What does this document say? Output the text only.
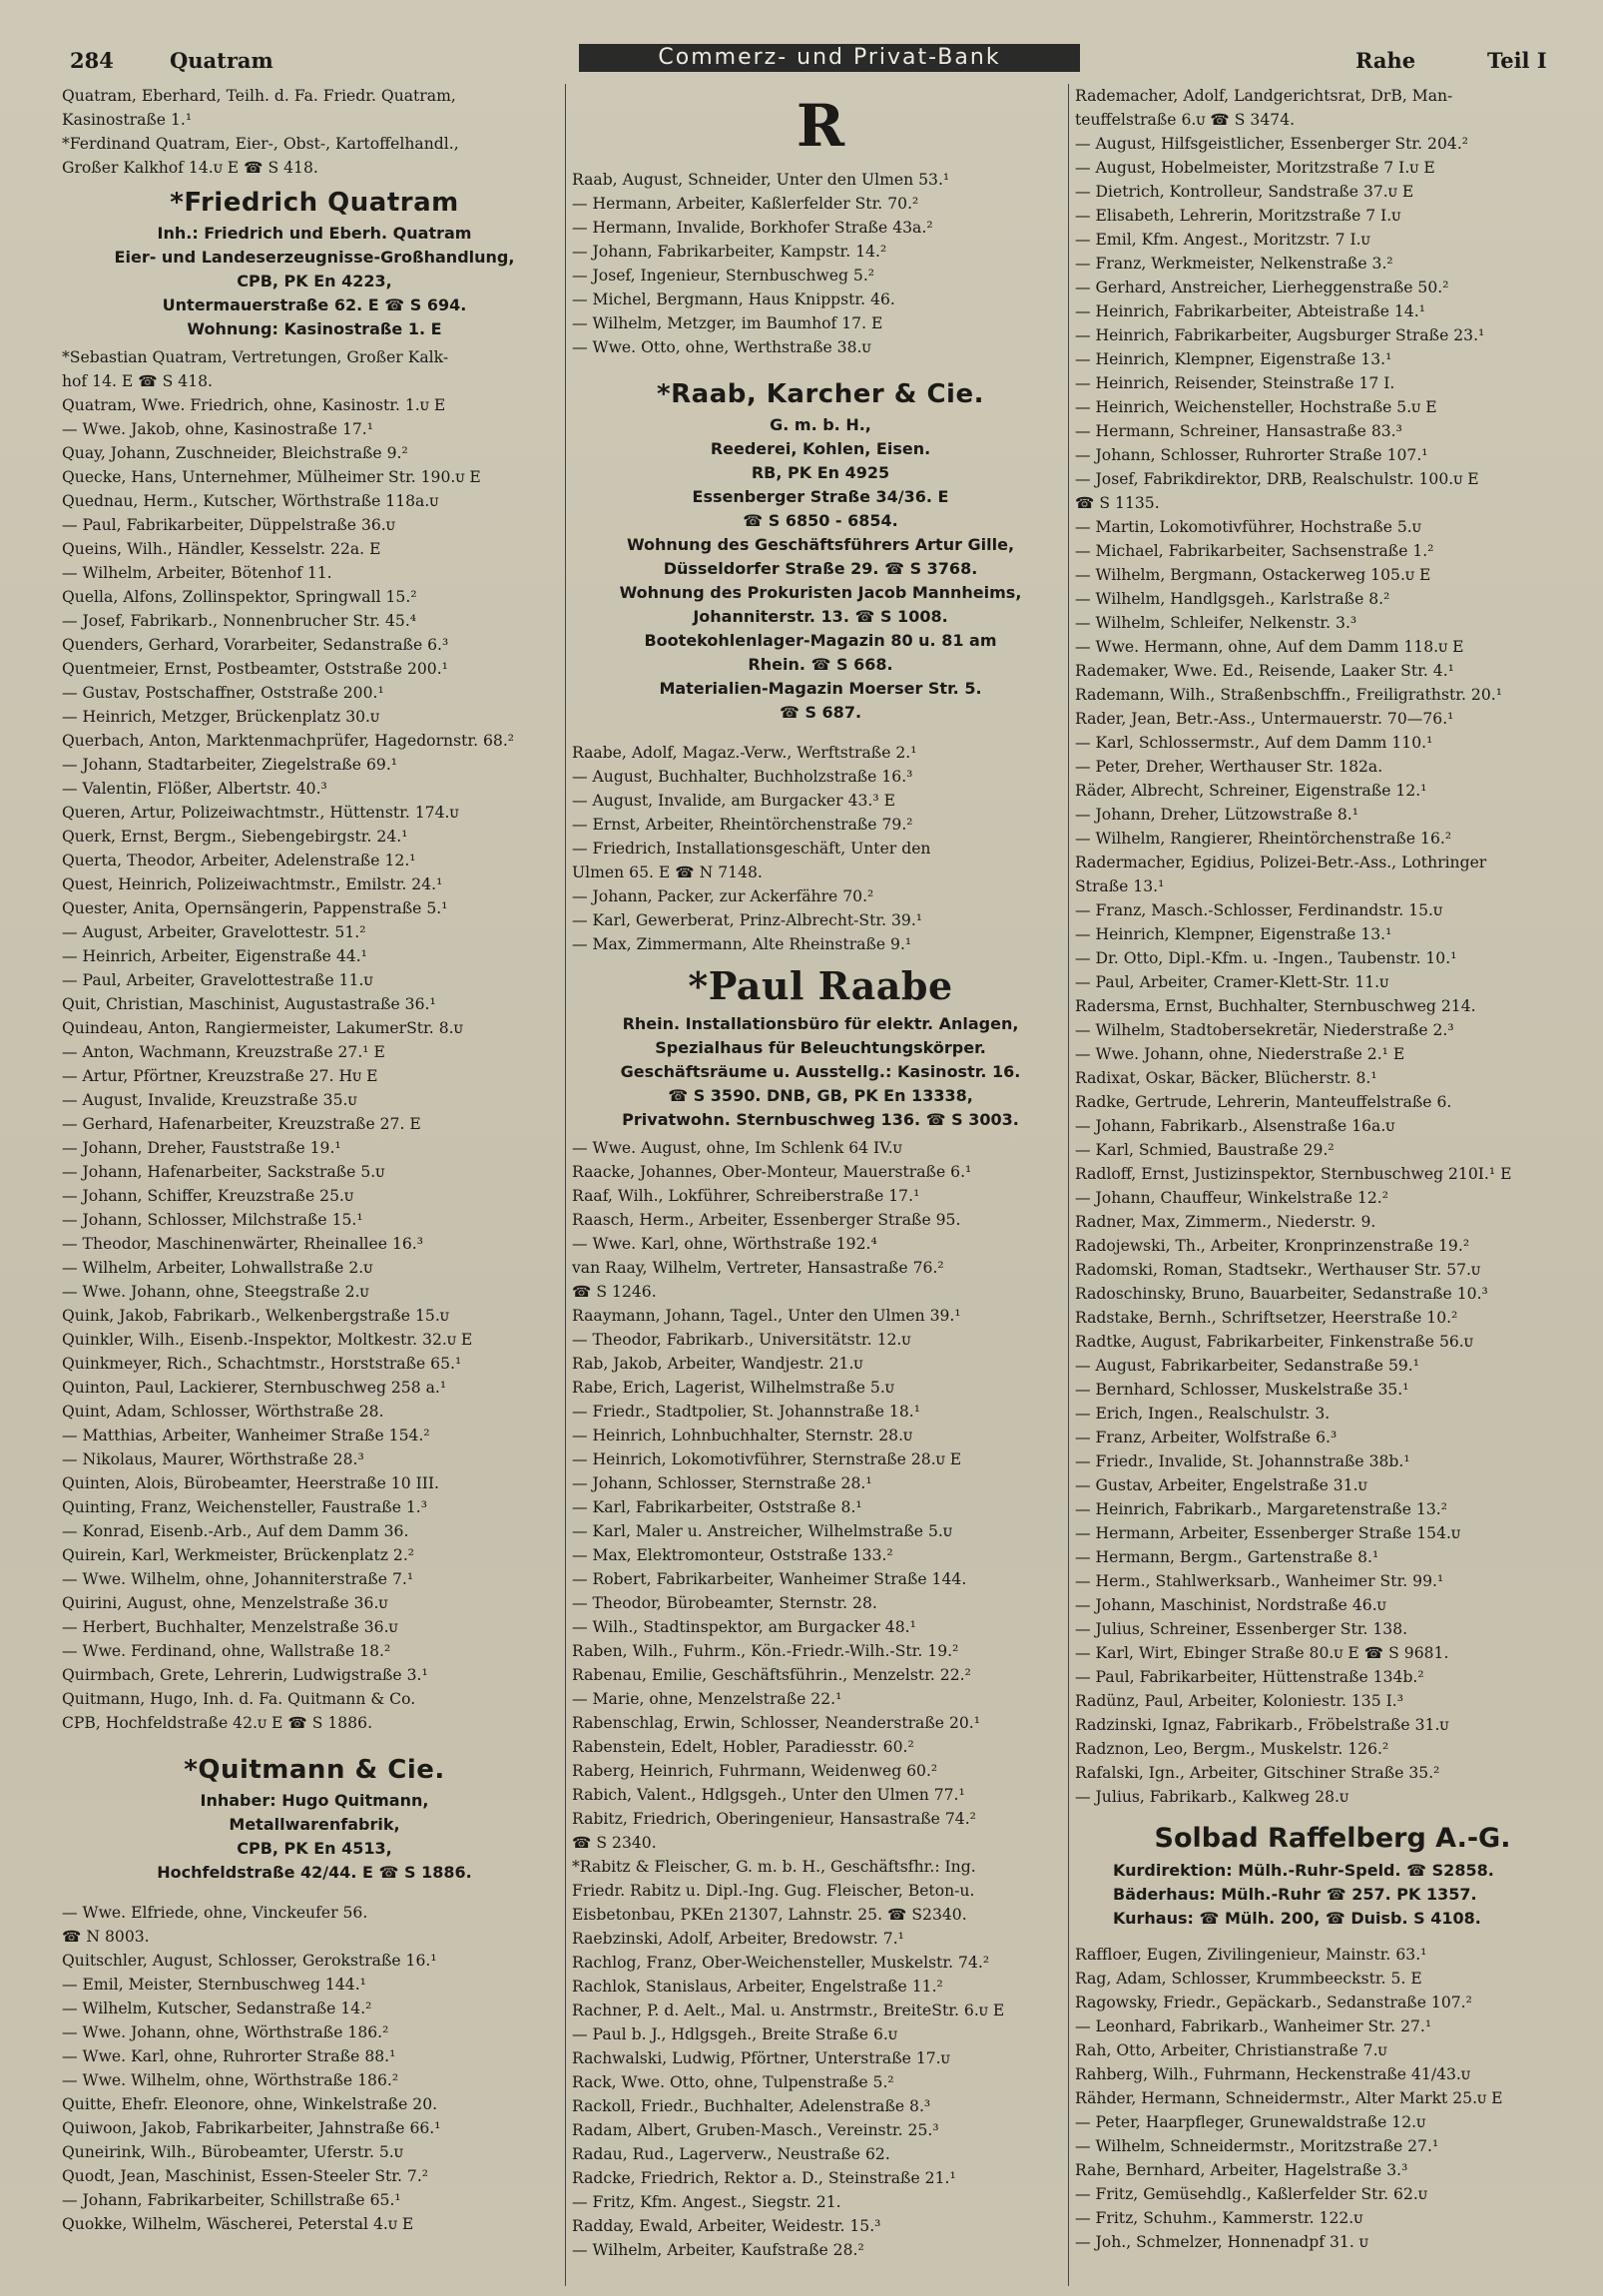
284	Quatram	Commerz- und Privat-Bank	Rahe	Teil I
Quatram, Eberhard, Teilh. d. Fa. Friedr. Quatram,
Kasinostraße 1.¹
*Ferdinand Quatram, Eier-, Obst-, Kartoffelhandl.,
Großer Kalkhof 14.ᴜ E ☎ S 418.
*Friedrich Quatram
Inh.: Friedrich und Eberh. Quatram
Eier- und Landeserzeugnisse-Großhandlung,
CPB, PK En 4223,
Untermauerstraße 62. E ☎ S 694.
Wohnung: Kasinostraße 1. E
*Sebastian Quatram, Vertretungen, Großer Kalk-
hof 14. E ☎ S 418.
Quatram, Wwe. Friedrich, ohne, Kasinostr. 1.ᴜ E
— Wwe. Jakob, ohne, Kasinostraße 17.¹
Quay, Johann, Zuschneider, Bleichstraße 9.²
Quecke, Hans, Unternehmer, Mülheimer Str. 190.ᴜ E
Quednau, Herm., Kutscher, Wörthstraße 118a.ᴜ
— Paul, Fabrikarbeiter, Düppelstraße 36.ᴜ
Queins, Wilh., Händler, Kesselstr. 22a. E
— Wilhelm, Arbeiter, Bötenhof 11.
Quella, Alfons, Zollinspektor, Springwall 15.²
— Josef, Fabrikarb., Nonnenbrucher Str. 45.⁴
Quenders, Gerhard, Vorarbeiter, Sedanstraße 6.³
Quentmeier, Ernst, Postbeamter, Oststraße 200.¹
— Gustav, Postschaffner, Oststraße 200.¹
— Heinrich, Metzger, Brückenplatz 30.ᴜ
Querbach, Anton, Marktenmachprüfer, Hagedornstr. 68.²
— Johann, Stadtarbeiter, Ziegelstraße 69.¹
— Valentin, Flößer, Albertstr. 40.³
Queren, Artur, Polizeiwachtmstr., Hüttenstr. 174.ᴜ
Querk, Ernst, Bergm., Siebengebirgstr. 24.¹
Querta, Theodor, Arbeiter, Adelenstraße 12.¹
Quest, Heinrich, Polizeiwachtmstr., Emilstr. 24.¹
Quester, Anita, Opernsängerin, Pappenstraße 5.¹
— August, Arbeiter, Gravelottestr. 51.²
— Heinrich, Arbeiter, Eigenstraße 44.¹
— Paul, Arbeiter, Gravelottestraße 11.ᴜ
Quit, Christian, Maschinist, Augustastraße 36.¹
Quindeau, Anton, Rangiermeister, LakumerStr. 8.ᴜ
— Anton, Wachmann, Kreuzstraße 27.¹ E
— Artur, Pförtner, Kreuzstraße 27. Hᴜ E
— August, Invalide, Kreuzstraße 35.ᴜ
— Gerhard, Hafenarbeiter, Kreuzstraße 27. E
— Johann, Dreher, Fauststraße 19.¹
— Johann, Hafenarbeiter, Sackstraße 5.ᴜ
— Johann, Schiffer, Kreuzstraße 25.ᴜ
— Johann, Schlosser, Milchstraße 15.¹
— Theodor, Maschinenwärter, Rheinallee 16.³
— Wilhelm, Arbeiter, Lohwallstraße 2.ᴜ
— Wwe. Johann, ohne, Steegstraße 2.ᴜ
Quink, Jakob, Fabrikarb., Welkenbergstraße 15.ᴜ
Quinkler, Wilh., Eisenb.-Inspektor, Moltkestr. 32.ᴜ E
Quinkmeyer, Rich., Schachtmstr., Horststraße 65.¹
Quinton, Paul, Lackierer, Sternbuschweg 258 a.¹
Quint, Adam, Schlosser, Wörthstraße 28.
— Matthias, Arbeiter, Wanheimer Straße 154.²
— Nikolaus, Maurer, Wörthstraße 28.³
Quinten, Alois, Bürobeamter, Heerstraße 10 III.
Quinting, Franz, Weichensteller, Faustraße 1.³
— Konrad, Eisenb.-Arb., Auf dem Damm 36.
Quirein, Karl, Werkmeister, Brückenplatz 2.²
— Wwe. Wilhelm, ohne, Johanniterstraße 7.¹
Quirini, August, ohne, Menzelstraße 36.ᴜ
— Herbert, Buchhalter, Menzelstraße 36.ᴜ
— Wwe. Ferdinand, ohne, Wallstraße 18.²
Quirmbach, Grete, Lehrerin, Ludwigstraße 3.¹
Quitmann, Hugo, Inh. d. Fa. Quitmann & Co.
CPB, Hochfeldstraße 42.ᴜ E ☎ S 1886.
*Quitmann & Cie.
Inhaber: Hugo Quitmann,
Metallwarenfabrik,
CPB, PK En 4513,
Hochfeldstraße 42/44. E ☎ S 1886.
— Wwe. Elfriede, ohne, Vinckeufer 56.
☎ N 8003.
Quitschler, August, Schlosser, Gerokstraße 16.¹
— Emil, Meister, Sternbuschweg 144.¹
— Wilhelm, Kutscher, Sedanstraße 14.²
— Wwe. Johann, ohne, Wörthstraße 186.²
— Wwe. Karl, ohne, Ruhrorter Straße 88.¹
— Wwe. Wilhelm, ohne, Wörthstraße 186.²
Quitte, Ehefr. Eleonore, ohne, Winkelstraße 20.
Quiwoon, Jakob, Fabrikarbeiter, Jahnstraße 66.¹
Quneirink, Wilh., Bürobeamter, Uferstr. 5.ᴜ
Quodt, Jean, Maschinist, Essen-Steeler Str. 7.²
— Johann, Fabrikarbeiter, Schillstraße 65.¹
Quokke, Wilhelm, Wäscherei, Peterstal 4.ᴜ E
R
Raab, August, Schneider, Unter den Ulmen 53.¹
— Hermann, Arbeiter, Kaßlerfelder Str. 70.²
— Hermann, Invalide, Borkhofer Straße 43a.²
— Johann, Fabrikarbeiter, Kampstr. 14.²
— Josef, Ingenieur, Sternbuschweg 5.²
— Michel, Bergmann, Haus Knippstr. 46.
— Wilhelm, Metzger, im Baumhof 17. E
— Wwe. Otto, ohne, Werthstraße 38.ᴜ
*Raab, Karcher & Cie.
G. m. b. H.,
Reederei, Kohlen, Eisen.
RB, PK En 4925
Essenberger Straße 34/36. E
☎ S 6850 - 6854.
Wohnung des Geschäftsführers Artur Gille,
Düsseldorfer Straße 29. ☎ S 3768.
Wohnung des Prokuristen Jacob Mannheims,
Johanniterstr. 13. ☎ S 1008.
Bootekohlenlager-Magazin 80 u. 81 am
Rhein. ☎ S 668.
Materialien-Magazin Moerser Str. 5.
☎ S 687.
Raabe, Adolf, Magaz.-Verw., Werftstraße 2.¹
— August, Buchhalter, Buchholzstraße 16.³
— August, Invalide, am Burgacker 43.³ E
— Ernst, Arbeiter, Rheintörchenstraße 79.²
— Friedrich, Installationsgeschäft, Unter den
Ulmen 65. E ☎ N 7148.
— Johann, Packer, zur Ackerfähre 70.²
— Karl, Gewerberat, Prinz-Albrecht-Str. 39.¹
— Max, Zimmermann, Alte Rheinstraße 9.¹
*Paul Raabe
Rhein. Installationsbüro für elektr. Anlagen,
Spezialhaus für Beleuchtungskörper.
Geschäftsräume u. Ausstellg.: Kasinostr. 16.
☎ S 3590. DNB, GB, PK En 13338,
Privatwohn. Sternbuschweg 136. ☎ S 3003.
— Wwe. August, ohne, Im Schlenk 64 IV.ᴜ
Raacke, Johannes, Ober-Monteur, Mauerstraße 6.¹
Raaf, Wilh., Lokführer, Schreiberstraße 17.¹
Raasch, Herm., Arbeiter, Essenberger Straße 95.
— Wwe. Karl, ohne, Wörthstraße 192.⁴
van Raay, Wilhelm, Vertreter, Hansastraße 76.²
☎ S 1246.
Raaymann, Johann, Tagel., Unter den Ulmen 39.¹
— Theodor, Fabrikarb., Universitätstr. 12.ᴜ
Rab, Jakob, Arbeiter, Wandjestr. 21.ᴜ
Rabe, Erich, Lagerist, Wilhelmstraße 5.ᴜ
— Friedr., Stadtpolier, St. Johannstraße 18.¹
— Heinrich, Lohnbuchhalter, Sternstr. 28.ᴜ
— Heinrich, Lokomotivführer, Sternstraße 28.ᴜ E
— Johann, Schlosser, Sternstraße 28.¹
— Karl, Fabrikarbeiter, Oststraße 8.¹
— Karl, Maler u. Anstreicher, Wilhelmstraße 5.ᴜ
— Max, Elektromonteur, Oststraße 133.²
— Robert, Fabrikarbeiter, Wanheimer Straße 144.
— Theodor, Bürobeamter, Sternstr. 28.
— Wilh., Stadtinspektor, am Burgacker 48.¹
Raben, Wilh., Fuhrm., Kön.-Friedr.-Wilh.-Str. 19.²
Rabenau, Emilie, Geschäftsführin., Menzelstr. 22.²
— Marie, ohne, Menzelstraße 22.¹
Rabenschlag, Erwin, Schlosser, Neanderstraße 20.¹
Rabenstein, Edelt, Hobler, Paradiesstr. 60.²
Raberg, Heinrich, Fuhrmann, Weidenweg 60.²
Rabich, Valent., Hdlgsgeh., Unter den Ulmen 77.¹
Rabitz, Friedrich, Oberingenieur, Hansastraße 74.²
☎ S 2340.
*Rabitz & Fleischer, G. m. b. H., Geschäftsfhr.: Ing.
Friedr. Rabitz u. Dipl.-Ing. Gug. Fleischer, Beton-u.
Eisbetonbau, PKEn 21307, Lahnstr. 25. ☎ S2340.
Raebzinski, Adolf, Arbeiter, Bredowstr. 7.¹
Rachlog, Franz, Ober-Weichensteller, Muskelstr. 74.²
Rachlok, Stanislaus, Arbeiter, Engelstraße 11.²
Rachner, P. d. Aelt., Mal. u. Anstrmstr., BreiteStr. 6.ᴜ E
— Paul b. J., Hdlgsgeh., Breite Straße 6.ᴜ
Rachwalski, Ludwig, Pförtner, Unterstraße 17.ᴜ
Rack, Wwe. Otto, ohne, Tulpenstraße 5.²
Rackoll, Friedr., Buchhalter, Adelenstraße 8.³
Radam, Albert, Gruben-Masch., Vereinstr. 25.³
Radau, Rud., Lagerverw., Neustraße 62.
Radcke, Friedrich, Rektor a. D., Steinstraße 21.¹
— Fritz, Kfm. Angest., Siegstr. 21.
Radday, Ewald, Arbeiter, Weidestr. 15.³
— Wilhelm, Arbeiter, Kaufstraße 28.²
Rademacher, Adolf, Landgerichtsrat, DrB, Man-
teuffelstraße 6.ᴜ ☎ S 3474.
— August, Hilfsgeistlicher, Essenberger Str. 204.²
— August, Hobelmeister, Moritzstraße 7 I.ᴜ E
— Dietrich, Kontrolleur, Sandstraße 37.ᴜ E
— Elisabeth, Lehrerin, Moritzstraße 7 I.ᴜ
— Emil, Kfm. Angest., Moritzstr. 7 I.ᴜ
— Franz, Werkmeister, Nelkenstraße 3.²
— Gerhard, Anstreicher, Lierheggenstraße 50.²
— Heinrich, Fabrikarbeiter, Abteistraße 14.¹
— Heinrich, Fabrikarbeiter, Augsburger Straße 23.¹
— Heinrich, Klempner, Eigenstraße 13.¹
— Heinrich, Reisender, Steinstraße 17 I.
— Heinrich, Weichensteller, Hochstraße 5.ᴜ E
— Hermann, Schreiner, Hansastraße 83.³
— Johann, Schlosser, Ruhrorter Straße 107.¹
— Josef, Fabrikdirektor, DRB, Realschulstr. 100.ᴜ E
☎ S 1135.
— Martin, Lokomotivführer, Hochstraße 5.ᴜ
— Michael, Fabrikarbeiter, Sachsenstraße 1.²
— Wilhelm, Bergmann, Ostackerweg 105.ᴜ E
— Wilhelm, Handlgsgeh., Karlstraße 8.²
— Wilhelm, Schleifer, Nelkenstr. 3.³
— Wwe. Hermann, ohne, Auf dem Damm 118.ᴜ E
Rademaker, Wwe. Ed., Reisende, Laaker Str. 4.¹
Rademann, Wilh., Straßenbschffn., Freiligrathstr. 20.¹
Rader, Jean, Betr.-Ass., Untermauerstr. 70—76.¹
— Karl, Schlossermstr., Auf dem Damm 110.¹
— Peter, Dreher, Werthauser Str. 182a.
Räder, Albrecht, Schreiner, Eigenstraße 12.¹
— Johann, Dreher, Lützowstraße 8.¹
— Wilhelm, Rangierer, Rheintörchenstraße 16.²
Radermacher, Egidius, Polizei-Betr.-Ass., Lothringer
Straße 13.¹
— Franz, Masch.-Schlosser, Ferdinandstr. 15.ᴜ
— Heinrich, Klempner, Eigenstraße 13.¹
— Dr. Otto, Dipl.-Kfm. u. -Ingen., Taubenstr. 10.¹
— Paul, Arbeiter, Cramer-Klett-Str. 11.ᴜ
Radersma, Ernst, Buchhalter, Sternbuschweg 214.
— Wilhelm, Stadtobersekretär, Niederstraße 2.³
— Wwe. Johann, ohne, Niederstraße 2.¹ E
Radixat, Oskar, Bäcker, Blücherstr. 8.¹
Radke, Gertrude, Lehrerin, Manteuffelstraße 6.
— Johann, Fabrikarb., Alsenstraße 16a.ᴜ
— Karl, Schmied, Baustraße 29.²
Radloff, Ernst, Justizinspektor, Sternbuschweg 210I.¹ E
— Johann, Chauffeur, Winkelstraße 12.²
Radner, Max, Zimmerm., Niederstr. 9.
Radojewski, Th., Arbeiter, Kronprinzenstraße 19.²
Radomski, Roman, Stadtsekr., Werthauser Str. 57.ᴜ
Radoschinsky, Bruno, Bauarbeiter, Sedanstraße 10.³
Radstake, Bernh., Schriftsetzer, Heerstraße 10.²
Radtke, August, Fabrikarbeiter, Finkenstraße 56.ᴜ
— August, Fabrikarbeiter, Sedanstraße 59.¹
— Bernhard, Schlosser, Muskelstraße 35.¹
— Erich, Ingen., Realschulstr. 3.
— Franz, Arbeiter, Wolfstraße 6.³
— Friedr., Invalide, St. Johannstraße 38b.¹
— Gustav, Arbeiter, Engelstraße 31.ᴜ
— Heinrich, Fabrikarb., Margaretenstraße 13.²
— Hermann, Arbeiter, Essenberger Straße 154.ᴜ
— Hermann, Bergm., Gartenstraße 8.¹
— Herm., Stahlwerksarb., Wanheimer Str. 99.¹
— Johann, Maschinist, Nordstraße 46.ᴜ
— Julius, Schreiner, Essenberger Str. 138.
— Karl, Wirt, Ebinger Straße 80.ᴜ E ☎ S 9681.
— Paul, Fabrikarbeiter, Hüttenstraße 134b.²
Radünz, Paul, Arbeiter, Koloniestr. 135 I.³
Radzinski, Ignaz, Fabrikarb., Fröbelstraße 31.ᴜ
Radznon, Leo, Bergm., Muskelstr. 126.²
Rafalski, Ign., Arbeiter, Gitschiner Straße 35.²
— Julius, Fabrikarb., Kalkweg 28.ᴜ
Solbad Raffelberg A.-G.
Kurdirektion: Mülh.-Ruhr-Speld. ☎ S2858.
Bäderhaus: Mülh.-Ruhr ☎ 257. PK 1357.
Kurhaus: ☎ Mülh. 200, ☎ Duisb. S 4108.
Raffloer, Eugen, Zivilingenieur, Mainstr. 63.¹
Rag, Adam, Schlosser, Krummbeeckstr. 5. E
Ragowsky, Friedr., Gepäckarb., Sedanstraße 107.²
— Leonhard, Fabrikarb., Wanheimer Str. 27.¹
Rah, Otto, Arbeiter, Christianstraße 7.ᴜ
Rahberg, Wilh., Fuhrmann, Heckenstraße 41/43.ᴜ
Rähder, Hermann, Schneidermstr., Alter Markt 25.ᴜ E
— Peter, Haarpfleger, Grunewaldstraße 12.ᴜ
— Wilhelm, Schneidermstr., Moritzstraße 27.¹
Rahe, Bernhard, Arbeiter, Hagelstraße 3.³
— Fritz, Gemüsehdlg., Kaßlerfelder Str. 62.ᴜ
— Fritz, Schuhm., Kammerstr. 122.ᴜ
— Joh., Schmelzer, Honnenadpf 31. ᴜ
